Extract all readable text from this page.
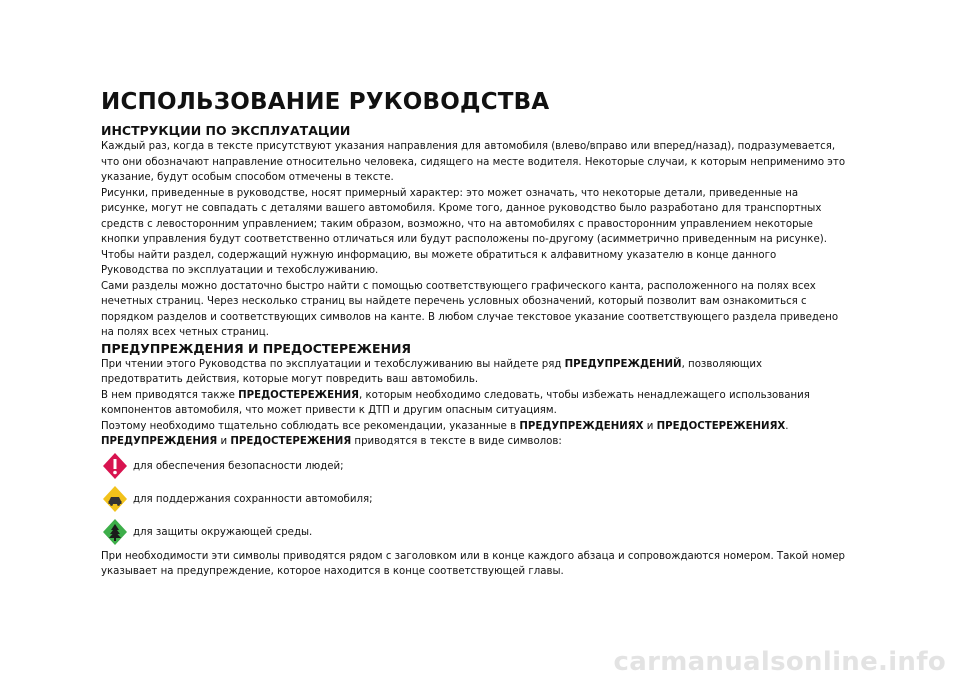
ИСПОЛЬЗОВАНИЕ РУКОВОДСТВА
ИНСТРУКЦИИ ПО ЭКСПЛУАТАЦИИ

Каждый раз, когда в тексте присутствуют указания направления для автомобиля (влево/вправо или вперед/назад), подразумевается, что они обозначают направление относительно человека, сидящего на месте водителя. Некоторые случаи, к которым неприменимо это указание, будут особым способом отмечены в тексте.

Рисунки, приведенные в руководстве, носят примерный характер: это может означать, что некоторые детали, приведенные на рисунке, могут не совпадать с деталями вашего автомобиля. Кроме того, данное руководство было разработано для транспортных средств с левосторонним управлением; таким образом, возможно, что на автомобилях с правосторонним управлением некоторые кнопки управления будут соответственно отличаться или будут расположены по-другому (асимметрично приведенным на рисунке).

Чтобы найти раздел, содержащий нужную информацию, вы можете обратиться к алфавитному указателю в конце данного Руководства по эксплуатации и техобслуживанию.

Сами разделы можно достаточно быстро найти с помощью соответствующего графического канта, расположенного на полях всех нечетных страниц. Через несколько страниц вы найдете перечень условных обозначений, который позволит вам ознакомиться с порядком разделов и соответствующих символов на канте. В любом случае текстовое указание соответствующего раздела приведено на полях всех четных страниц.

ПРЕДУПРЕЖДЕНИЯ И ПРЕДОСТЕРЕЖЕНИЯ

При чтении этого Руководства по эксплуатации и техобслуживанию вы найдете ряд ПРЕДУПРЕЖДЕНИЙ, позволяющих предотвратить действия, которые могут повредить ваш автомобиль.

В нем приводятся также ПРЕДОСТЕРЕЖЕНИЯ, которым необходимо следовать, чтобы избежать ненадлежащего использования компонентов автомобиля, что может привести к ДТП и другим опасным ситуациям.

Поэтому необходимо тщательно соблюдать все рекомендации, указанные в ПРЕДУПРЕЖДЕНИЯХ и ПРЕДОСТЕРЕЖЕНИЯХ.

ПРЕДУПРЕЖДЕНИЯ и ПРЕДОСТЕРЕЖЕНИЯ приводятся в тексте в виде символов:

для обеспечения безопасности людей;
для поддержания сохранности автомобиля;
для защиты окружающей среды.

При необходимости эти символы приводятся рядом с заголовком или в конце каждого абзаца и сопровождаются номером. Такой номер указывает на предупреждение, которое находится в конце соответствующей главы.

carmanualsonline.info
